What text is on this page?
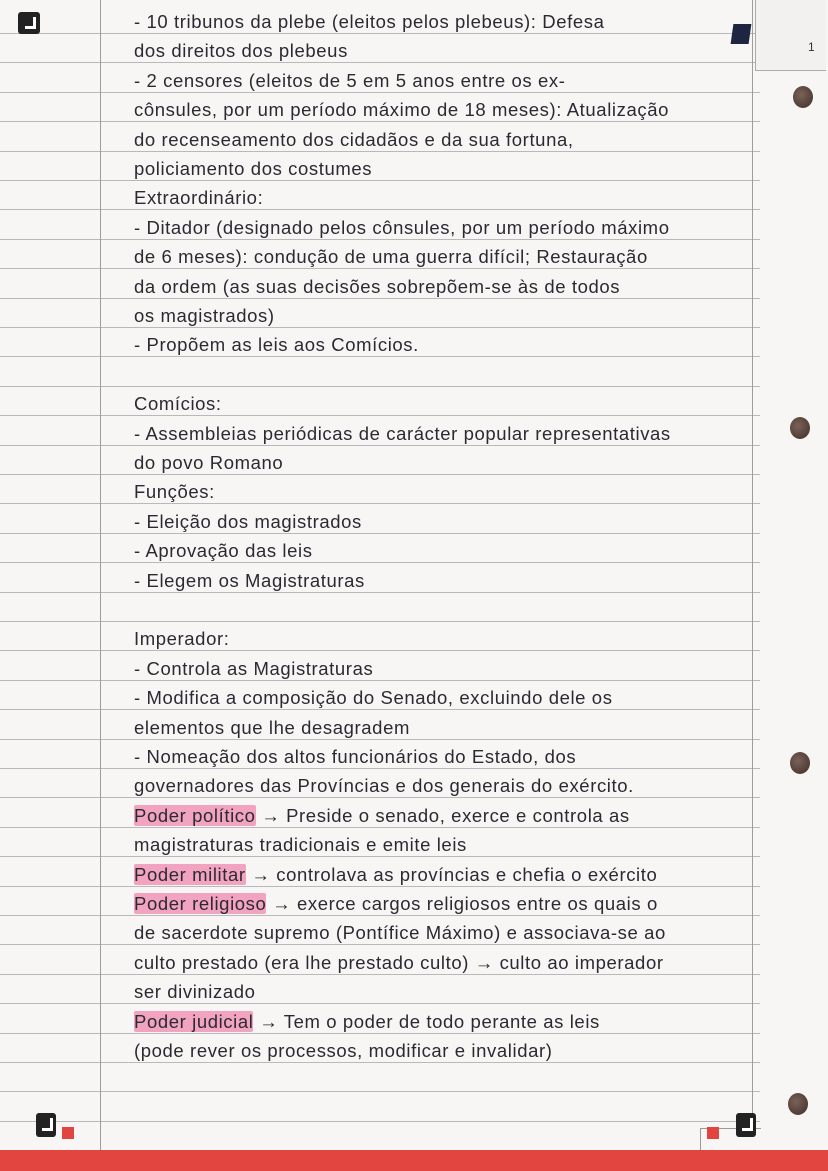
1
- 10 tribunos da plebe (eleitos pelos plebeus): Defesa
dos direitos dos plebeus
- 2 censores (eleitos de 5 em 5 anos entre os ex-
cônsules, por um período máximo de 18 meses): Atualização
do recenseamento dos cidadãos e da sua fortuna,
policiamento dos costumes
Extraordinário:
- Ditador (designado pelos cônsules, por um período máximo
de 6 meses): condução de uma guerra difícil; Restauração
da ordem (as suas decisões sobrepõem-se às de todos
os magistrados)
- Propõem as leis aos Comícios.
Comícios:
- Assembleias periódicas de carácter popular representativas
do povo Romano
Funções:
- Eleição dos magistrados
- Aprovação das leis
- Elegem os Magistraturas
Imperador:
- Controla as Magistraturas
- Modifica a composição do Senado, excluindo dele os
elementos que lhe desagradem
- Nomeação dos altos funcionários do Estado, dos
governadores das Províncias e dos generais do exército.
Poder político → Preside o senado, exerce e controla as
magistraturas tradicionais e emite leis
Poder militar → controlava as províncias e chefia o exército
Poder religioso → exerce cargos religiosos entre os quais o
de sacerdote supremo (Pontífice Máximo) e associava-se ao
culto prestado (era lhe prestado culto) → culto ao imperador
ser divinizado
Poder judicial → Tem o poder de todo perante as leis
(pode rever os processos, modificar e invalidar)
